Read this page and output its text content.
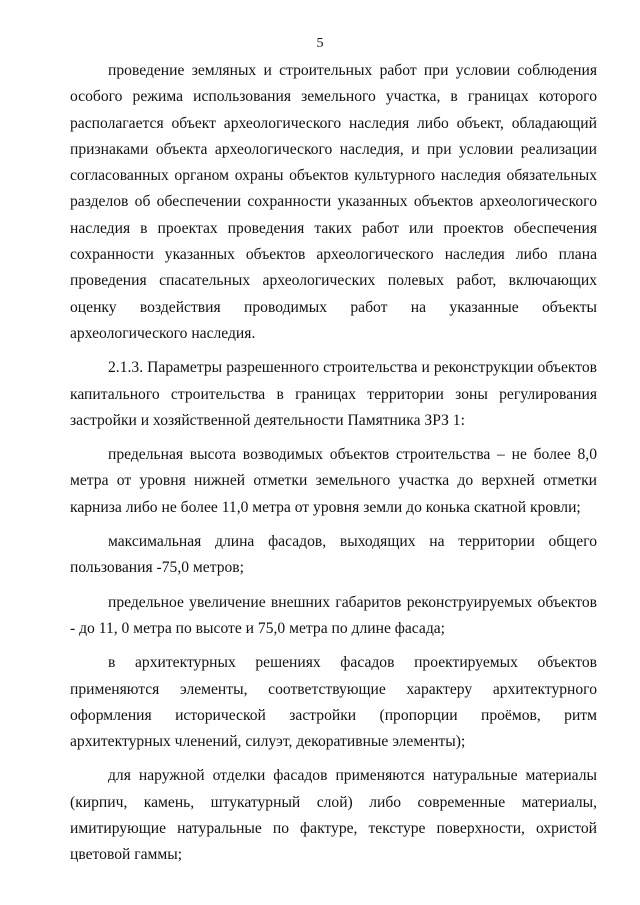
5

проведение земляных и строительных работ при условии соблюдения особого режима использования земельного участка, в границах которого располагается объект археологического наследия либо объект, обладающий признаками объекта археологического наследия, и при условии реализации согласованных органом охраны объектов культурного наследия обязательных разделов об обеспечении сохранности указанных объектов археологического наследия в проектах проведения таких работ или проектов обеспечения сохранности указанных объектов археологического наследия либо плана проведения спасательных археологических полевых работ, включающих оценку воздействия проводимых работ на указанные объекты археологического наследия.

2.1.3. Параметры разрешенного строительства и реконструкции объектов капитального строительства в границах территории зоны регулирования застройки и хозяйственной деятельности Памятника ЗРЗ 1:

предельная высота возводимых объектов строительства – не более 8,0 метра от уровня нижней отметки земельного участка до верхней отметки карниза либо не более 11,0 метра от уровня земли до конька скатной кровли;

максимальная длина фасадов, выходящих на территории общего пользования -75,0 метров;

предельное увеличение внешних габаритов реконструируемых объектов - до 11, 0 метра по высоте и 75,0 метра по длине фасада;

в архитектурных решениях фасадов проектируемых объектов применяются элементы, соответствующие характеру архитектурного оформления исторической застройки (пропорции проёмов, ритм архитектурных членений, силуэт, декоративные элементы);

для наружной отделки фасадов применяются натуральные материалы (кирпич, камень, штукатурный слой) либо современные материалы, имитирующие натуральные по фактуре, текстуре поверхности, охристой цветовой гаммы;
